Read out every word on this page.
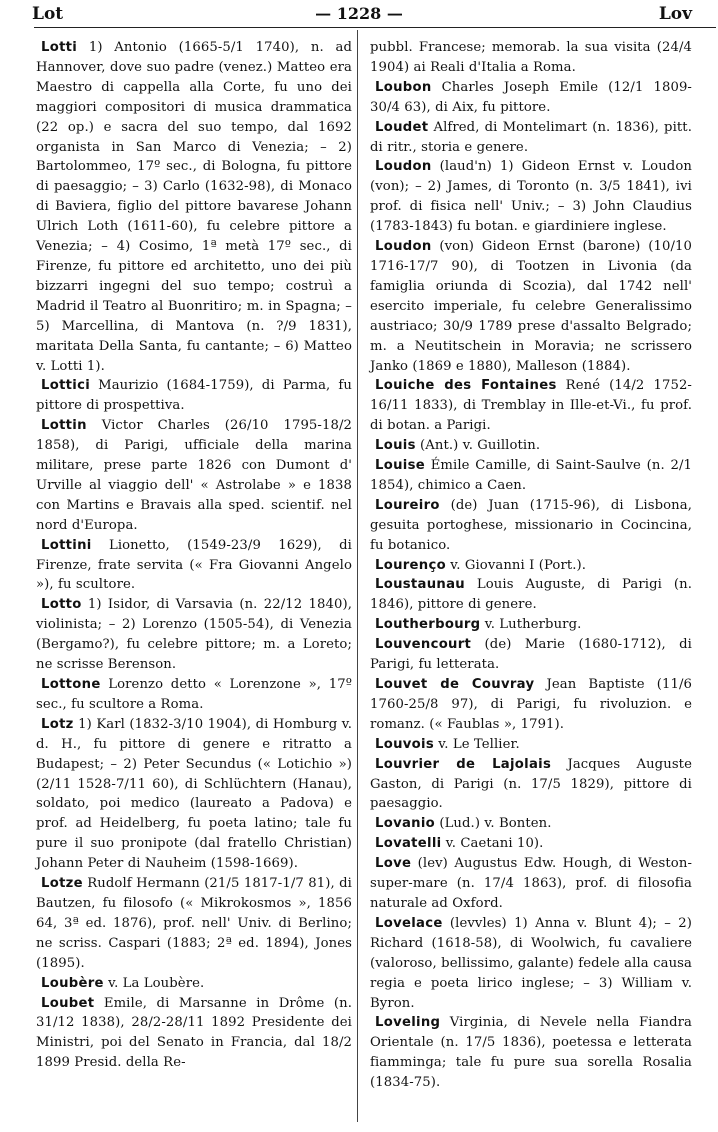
Lot	— 1228 —	Lov

Lotti 1) Antonio (1665-5/1 1740), n. ad Hannover, dove suo padre (venez.) Matteo era Maestro di cappella alla Corte, fu uno dei maggiori compositori di musica drammatica (22 op.) e sacra del suo tempo, dal 1692 organista in San Marco di Venezia; – 2) Bartolommeo, 17º sec., di Bologna, fu pittore di paesaggio; – 3) Carlo (1632-98), di Monaco di Baviera, figlio del pittore bavarese Johann Ulrich Loth (1611-60), fu celebre pittore a Venezia; – 4) Cosimo, 1ª metà 17º sec., di Firenze, fu pittore ed architetto, uno dei più bizzarri ingegni del suo tempo; costruì a Madrid il Teatro al Buonritiro; m. in Spagna; – 5) Marcellina, di Mantova (n. ?/9 1831), maritata Della Santa, fu cantante; – 6) Matteo v. Lotti 1).

Lottici Maurizio (1684-1759), di Parma, fu pittore di prospettiva.

Lottin Victor Charles (26/10 1795-18/2 1858), di Parigi, ufficiale della marina militare, prese parte 1826 con Dumont d' Urville al viaggio dell' « Astrolabe » e 1838 con Martins e Bravais alla sped. scientif. nel nord d'Europa.

Lottini Lionetto, (1549-23/9 1629), di Firenze, frate servita (« Fra Giovanni Angelo »), fu scultore.

Lotto 1) Isidor, di Varsavia (n. 22/12 1840), violinista; – 2) Lorenzo (1505-54), di Venezia (Bergamo?), fu celebre pittore; m. a Loreto; ne scrisse Berenson.

Lottone Lorenzo detto « Lorenzone », 17º sec., fu scultore a Roma.

Lotz 1) Karl (1832-3/10 1904), di Homburg v. d. H., fu pittore di genere e ritratto a Budapest; – 2) Peter Secundus (« Lotichio ») (2/11 1528-7/11 60), di Schlüchtern (Hanau), soldato, poi medico (laureato a Padova) e prof. ad Heidelberg, fu poeta latino; tale fu pure il suo pronipote (dal fratello Christian) Johann Peter di Nauheim (1598-1669).

Lotze Rudolf Hermann (21/5 1817-1/7 81), di Bautzen, fu filosofo (« Mikrokosmos », 1856 64, 3ª ed. 1876), prof. nell' Univ. di Berlino; ne scriss. Caspari (1883; 2ª ed. 1894), Jones (1895).

Loubère v. La Loubère.

Loubet Emile, di Marsanne in Drôme (n. 31/12 1838), 28/2-28/11 1892 Presidente dei Ministri, poi del Senato in Francia, dal 18/2 1899 Presid. della Re-

pubbl. Francese; memorab. la sua visita (24/4 1904) ai Reali d'Italia a Roma.

Loubon Charles Joseph Emile (12/1 1809-30/4 63), di Aix, fu pittore.

Loudet Alfred, di Montelimart (n. 1836), pitt. di ritr., storia e genere.

Loudon (laud'n) 1) Gideon Ernst v. Loudon (von); – 2) James, di Toronto (n. 3/5 1841), ivi prof. di fisica nell' Univ.; – 3) John Claudius (1783-1843) fu botan. e giardiniere inglese.

Loudon (von) Gideon Ernst (barone) (10/10 1716-17/7 90), di Tootzen in Livonia (da famiglia oriunda di Scozia), dal 1742 nell' esercito imperiale, fu celebre Generalissimo austriaco; 30/9 1789 prese d'assalto Belgrado; m. a Neutitschein in Moravia; ne scrissero Janko (1869 e 1880), Malleson (1884).

Louiche des Fontaines René (14/2 1752-16/11 1833), di Tremblay in Ille-et-Vi., fu prof. di botan. a Parigi.

Louis (Ant.) v. Guillotin.

Louise Émile Camille, di Saint-Saulve (n. 2/1 1854), chimico a Caen.

Loureiro (de) Juan (1715-96), di Lisbona, gesuita portoghese, missionario in Cocincina, fu botanico.

Lourenço v. Giovanni I (Port.).

Loustaunau Louis Auguste, di Parigi (n. 1846), pittore di genere.

Loutherbourg v. Lutherburg.

Louvencourt (de) Marie (1680-1712), di Parigi, fu letterata.

Louvet de Couvray Jean Baptiste (11/6 1760-25/8 97), di Parigi, fu rivoluzion. e romanz. (« Faublas », 1791).

Louvois v. Le Tellier.

Louvrier de Lajolais Jacques Auguste Gaston, di Parigi (n. 17/5 1829), pittore di paesaggio.

Lovanio (Lud.) v. Bonten.

Lovatelli v. Caetani 10).

Love (lev) Augustus Edw. Hough, di Weston-super-mare (n. 17/4 1863), prof. di filosofia naturale ad Oxford.

Lovelace (levvles) 1) Anna v. Blunt 4); – 2) Richard (1618-58), di Woolwich, fu cavaliere (valoroso, bellissimo, galante) fedele alla causa regia e poeta lirico inglese; – 3) William v. Byron.

Loveling Virginia, di Nevele nella Fiandra Orientale (n. 17/5 1836), poetessa e letterata fiamminga; tale fu pure sua sorella Rosalia (1834-75).
